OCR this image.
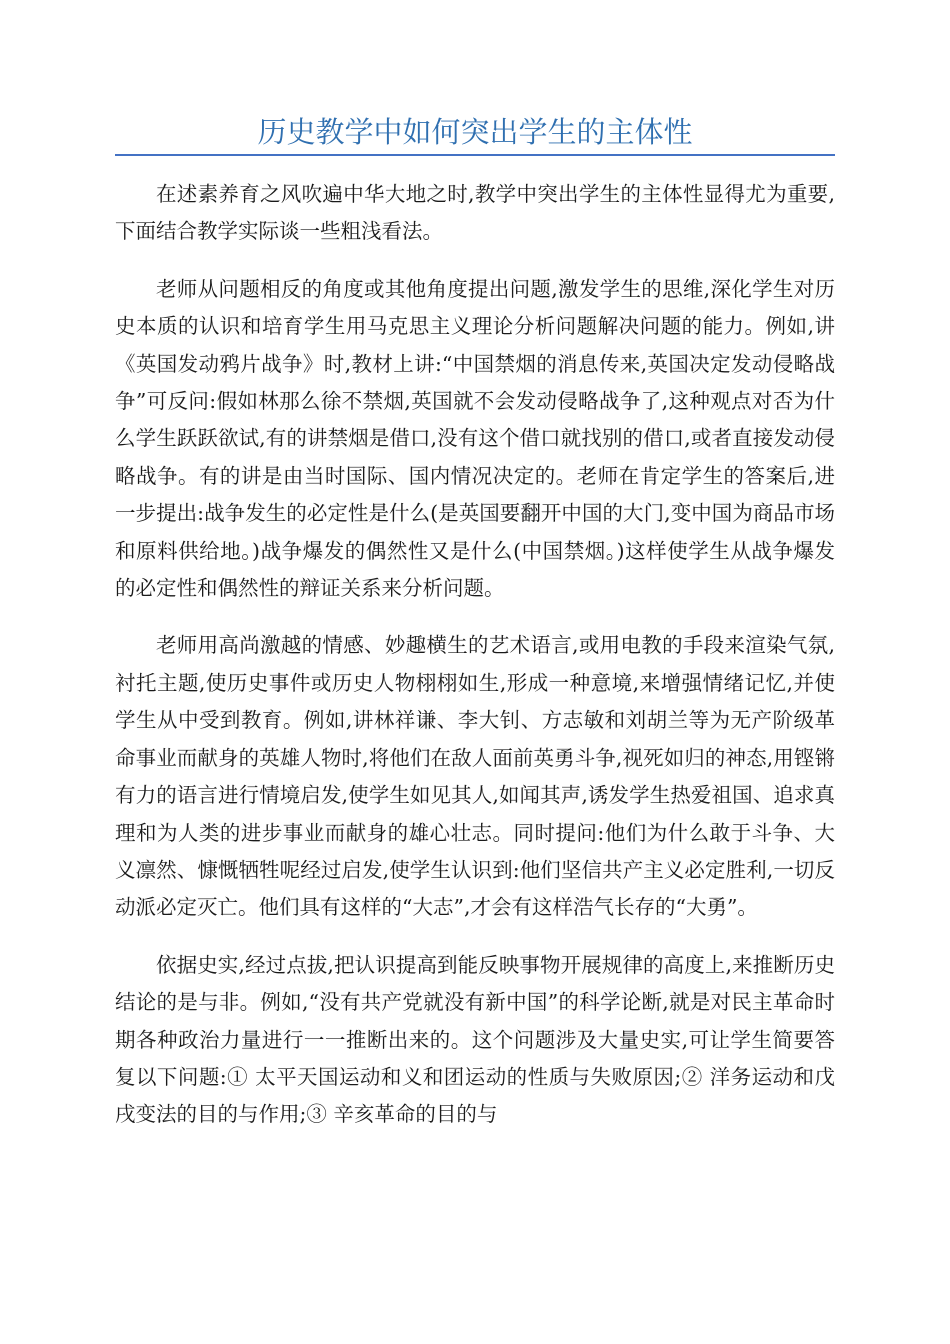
历史教学中如何突出学生的主体性

在述素养育之风吹遍中华大地之时,教学中突出学生的主体性显得尤为重要,下面结合教学实际谈一些粗浅看法。

老师从问题相反的角度或其他角度提出问题,激发学生的思维,深化学生对历史本质的认识和培育学生用马克思主义理论分析问题解决问题的能力。例如,讲《英国发动鸦片战争》时,教材上讲:“中国禁烟的消息传来,英国决定发动侵略战争”可反问:假如林那么徐不禁烟,英国就不会发动侵略战争了,这种观点对否为什么学生跃跃欲试,有的讲禁烟是借口,没有这个借口就找别的借口,或者直接发动侵略战争。有的讲是由当时国际、国内情况决定的。老师在肯定学生的答案后,进一步提出:战争发生的必定性是什么(是英国要翻开中国的大门,变中国为商品市场和原料供给地。)战争爆发的偶然性又是什么(中国禁烟。)这样使学生从战争爆发的必定性和偶然性的辩证关系来分析问题。

老师用高尚激越的情感、妙趣横生的艺术语言,或用电教的手段来渲染气氛,衬托主题,使历史事件或历史人物栩栩如生,形成一种意境,来增强情绪记忆,并使学生从中受到教育。例如,讲林祥谦、李大钊、方志敏和刘胡兰等为无产阶级革命事业而献身的英雄人物时,将他们在敌人面前英勇斗争,视死如归的神态,用铿锵有力的语言进行情境启发,使学生如见其人,如闻其声,诱发学生热爱祖国、追求真理和为人类的进步事业而献身的雄心壮志。同时提问:他们为什么敢于斗争、大义凛然、慷慨牺牲呢经过启发,使学生认识到:他们坚信共产主义必定胜利,一切反动派必定灭亡。他们具有这样的“大志”,才会有这样浩气长存的“大勇”。

依据史实,经过点拔,把认识提高到能反映事物开展规律的高度上,来推断历史结论的是与非。例如,“没有共产党就没有新中国”的科学论断,就是对民主革命时期各种政治力量进行一一推断出来的。这个问题涉及大量史实,可让学生简要答复以下问题:① 太平天国运动和义和团运动的性质与失败原因;② 洋务运动和戊戌变法的目的与作用;③ 辛亥革命的目的与
